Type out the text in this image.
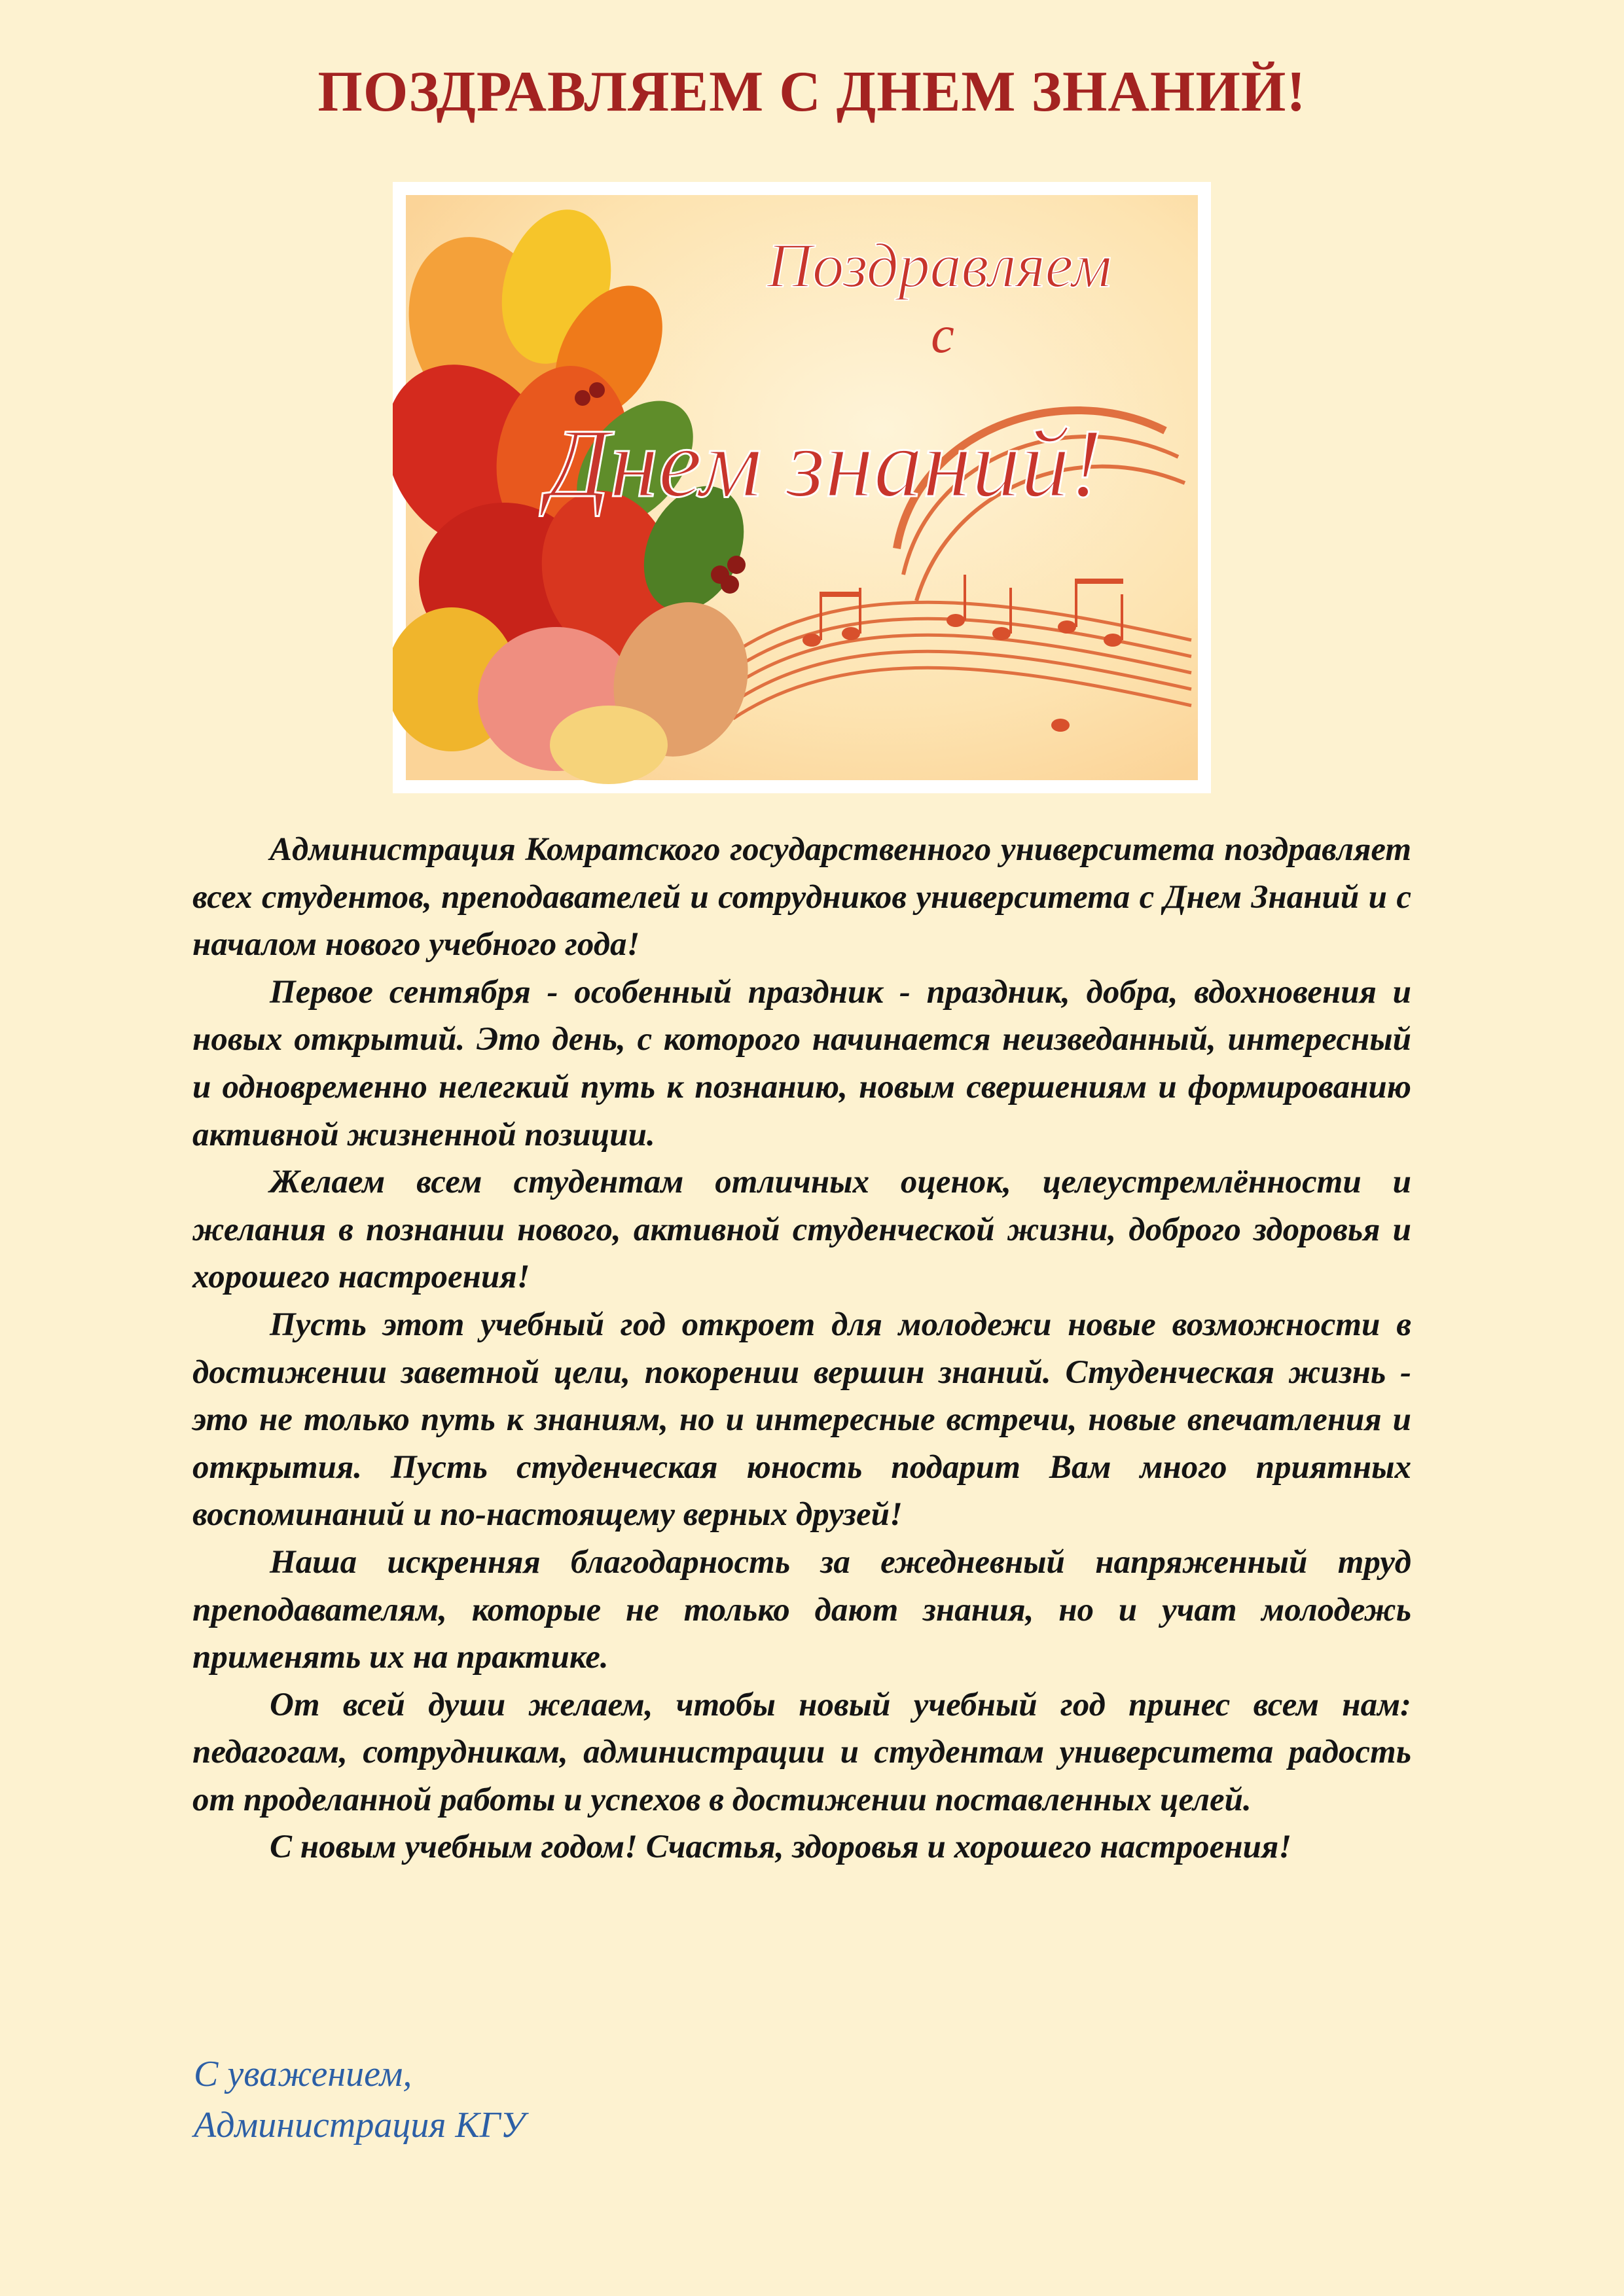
ПОЗДРАВЛЯЕМ С ДНЕМ ЗНАНИЙ!
Поздравляем
с
Днем знаний!

Администрация Комратского государственного университета поздравляет всех студентов, преподавателей и сотрудников университета с Днем Знаний и с началом нового учебного года!

Первое сентября - особенный праздник - праздник, добра, вдохновения и новых открытий. Это день, с которого начинается неизведанный, интересный и одновременно нелегкий путь к познанию, новым свершениям и формированию активной жизненной позиции.

Желаем всем студентам отличных оценок, целеустремлённости и желания в познании нового, активной студенческой жизни, доброго здоровья и хорошего настроения!

Пусть этот учебный год откроет для молодежи новые возможности в достижении заветной цели, покорении вершин знаний. Студенческая жизнь - это не только путь к знаниям, но и интересные встречи, новые впечатления и открытия. Пусть студенческая юность подарит Вам много приятных воспоминаний и по-настоящему верных друзей!

Наша искренняя благодарность за ежедневный напряженный труд преподавателям, которые не только дают знания, но и учат молодежь применять их на практике.

От всей души желаем, чтобы новый учебный год принес всем нам: педагогам, сотрудникам, администрации и студентам университета радость от проделанной работы и успехов в достижении поставленных целей.

С новым учебным годом! Счастья, здоровья и хорошего настроения!

С уважением,
Администрация КГУ
